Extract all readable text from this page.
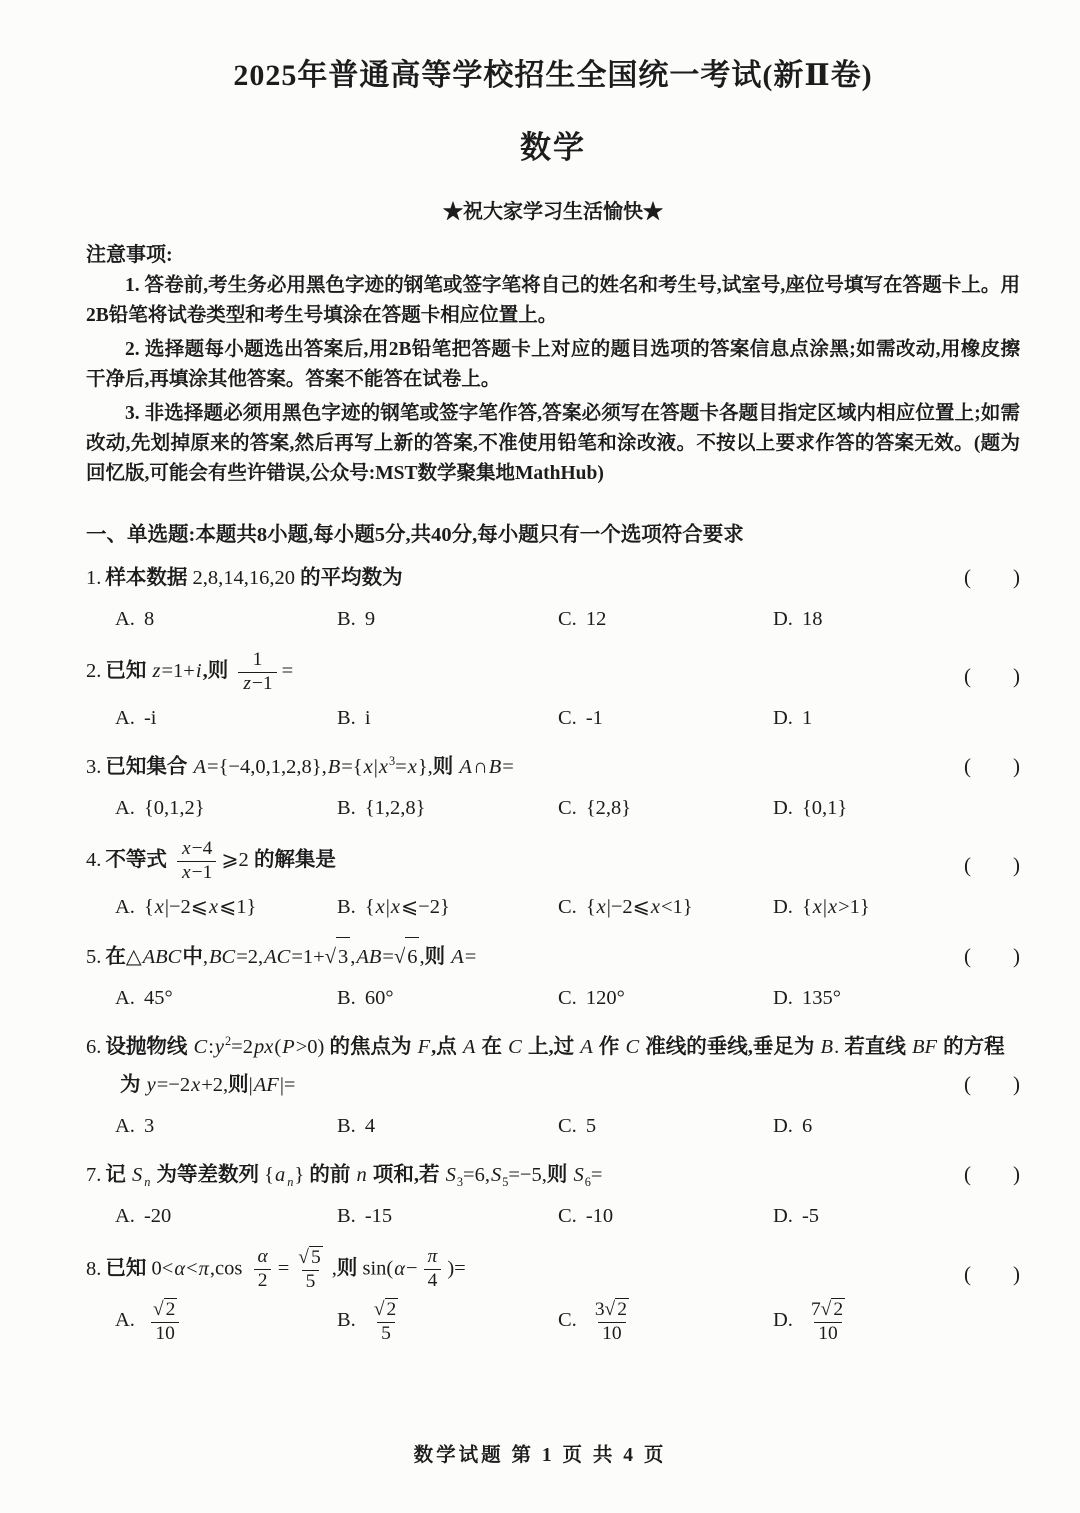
2025年普通高等学校招生全国统一考试(新Ⅱ卷)
数学
★祝大家学习生活愉快★
注意事项:

1. 答卷前,考生务必用黑色字迹的钢笔或签字笔将自己的姓名和考生号,试室号,座位号填写在答题卡上。用2B铅笔将试卷类型和考生号填涂在答题卡相应位置上。

2. 选择题每小题选出答案后,用2B铅笔把答题卡上对应的题目选项的答案信息点涂黑;如需改动,用橡皮擦干净后,再填涂其他答案。答案不能答在试卷上。

3. 非选择题必须用黑色字迹的钢笔或签字笔作答,答案必须写在答题卡各题目指定区域内相应位置上;如需改动,先划掉原来的答案,然后再写上新的答案,不准使用铅笔和涂改液。不按以上要求作答的答案无效。(题为回忆版,可能会有些许错误,公众号:MST数学聚集地MathHub)

一、单选题:本题共8小题,每小题5分,共40分,每小题只有一个选项符合要求
1. 样本数据 2,8,14,16,20 的平均数为	(　　)
A. 8	B. 9	C. 12	D. 18
2. 已知 z=1+i,则 $\frac{1}{z -1}$ =	(　　)
A. -i	B. i	C. -1	D. 1
3. 已知集合 $A=\{-4,0,1,2,8\},B=\{x|x^3=x\}$,则 A∩B=	(　　)
A. {0,1,2}	B. {1,2,8}	C. {2,8}	D. {0,1}
4. 不等式 $\frac{x -4}{x -1}$ ⩾2 的解集是	(　　)
A. {x|−2⩽x⩽1}	B. {x|x⩽−2}	C. {x|−2⩽x<1}	D. {x|x>1}
5. 在△ABC中,BC=2,AC=1+ √ 3 ,AB= √ 6 ,则 A=	(　　)
A. 45°	B. 60°	C. 120°	D. 135°
6. 设抛物线 $C:y^2=2px(P>0)$ 的焦点为 F,点 A 在 C 上,过 A 作 C 准线的垂线,垂足为 B. 若直线 BF 的方程为 y=−2x+2,则|AF|=	(　　)
A. 3	B. 4	C. 5	D. 6
7. 记 S $_n$ 为等差数列 {a $_n$} 的前 n 项和,若 $S_3=6,S_5=-5$,则 $S_6=$	(　　)
A. -20	B. -15	C. -10	D. -5
8. 已知 $0<\alpha<\pi,\cos \frac{\alpha}{2} = \frac{√ 5}{5}$ ,则 $\sin(\alpha- \frac{\pi}{4}$ )=	(　　)
A. $\frac{√ 2}{10}$	B. $\frac{√ 2}{5}$	C. $\frac{3 √ 2}{10}$	D. $\frac{7 √ 2}{10}$
数学试题 第 1 页 共 4 页
